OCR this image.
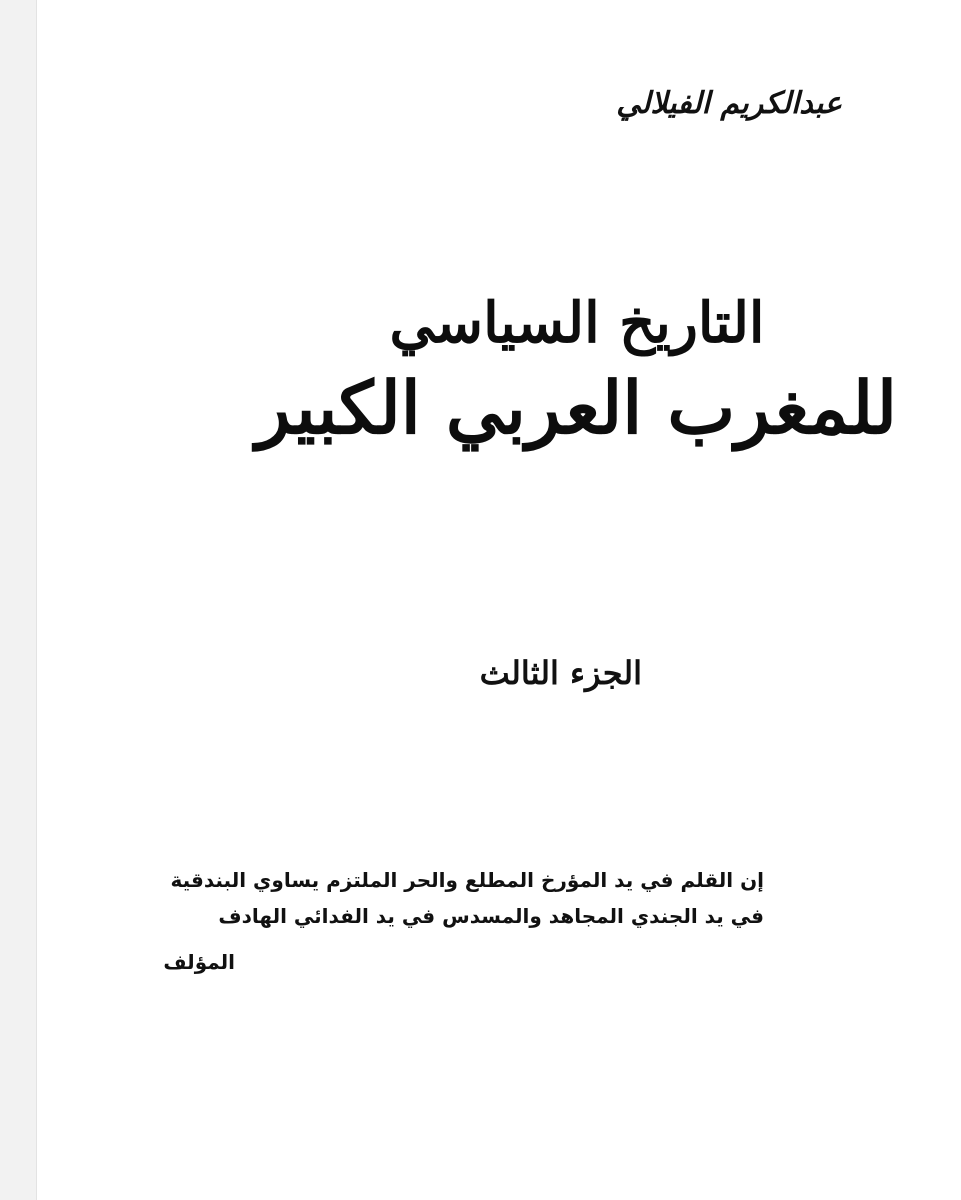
عبدالكريم الفيلالي
التاريخ السياسي
للمغرب العربي الكبير
الجزء الثالث
إن القلم في يد المؤرخ المطلع والحر الملتزم يساوي البندقية
في يد الجندي المجاهد والمسدس في يد الفدائي الهادف
المؤلف
